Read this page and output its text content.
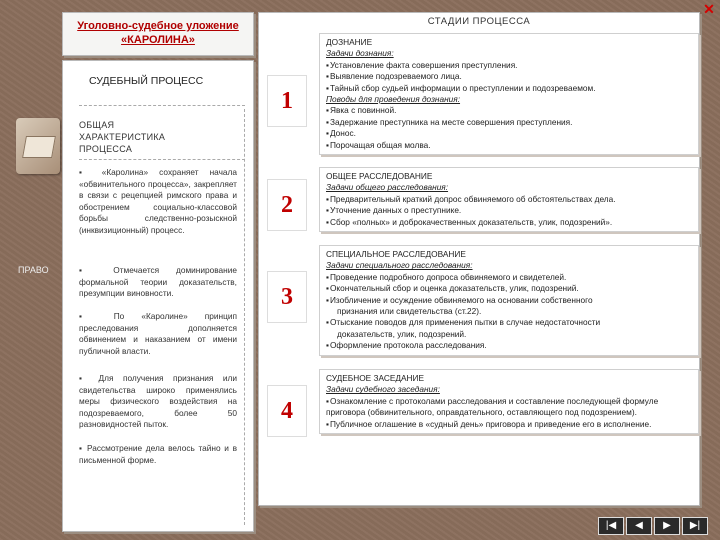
ПРАВО
✕
Уголовно-судебное уложение
«КАРОЛИНА»
СУДЕБНЫЙ ПРОЦЕСС
ОБЩАЯ
ХАРАКТЕРИСТИКА
ПРОЦЕССА
▪ «Каролина» сохраняет начала «обвинительного процесса», закрепляет в связи с рецепцией римского права и обострением социально-классовой борьбы следственно-розыскной (инквизиционный) процесс.
▪ Отмечается доминирование формальной теории доказательств, презумпции виновности.
▪ По «Каролине» принцип преследования дополняется обвинением и наказанием от имени публичной власти.
▪ Для получения признания или свидетельства широко применялись меры физического воздействия на подозреваемого, более 50 разновидностей пыток.
▪ Рассмотрение дела велось тайно и в письменной форме.
СТАДИИ ПРОЦЕССА
1
ДОЗНАНИЕ
Задачи дознания:
▪ Установление факта совершения преступления.
▪ Выявление подозреваемого лица.
▪ Тайный сбор судьей информации о преступлении и подозреваемом.
Поводы для проведения дознания:
▪ Явка с повинной.
▪ Задержание преступника на месте совершения преступления.
▪ Донос.
▪ Порочащая общая молва.
2
ОБЩЕЕ РАССЛЕДОВАНИЕ
Задачи общего расследования:
▪ Предварительный краткий допрос обвиняемого об обстоятельствах дела.
▪ Уточнение данных о преступнике.
▪ Сбор «полных» и доброкачественных доказательств, улик, подозрений».
3
СПЕЦИАЛЬНОЕ РАССЛЕДОВАНИЕ
Задачи специального расследования:
▪ Проведение подробного допроса обвиняемого и свидетелей.
▪ Окончательный сбор и оценка доказательств, улик, подозрений.
▪ Изобличение и осуждение обвиняемого на основании собственного
признания или свидетельства (ст.22).
▪ Отыскание поводов для применения пытки в случае недостаточности
доказательств, улик, подозрений.
▪ Оформление протокола расследования.
4
СУДЕБНОЕ ЗАСЕДАНИЕ
Задачи судебного заседания:
▪ Ознакомление с протоколами расследования и составление последующей формуле приговора (обвинительного, оправдательного, оставляющего под подозрением).
▪ Публичное оглашение в «судный день» приговора и приведение его в исполнение.
|◀	◀	▶	▶|
